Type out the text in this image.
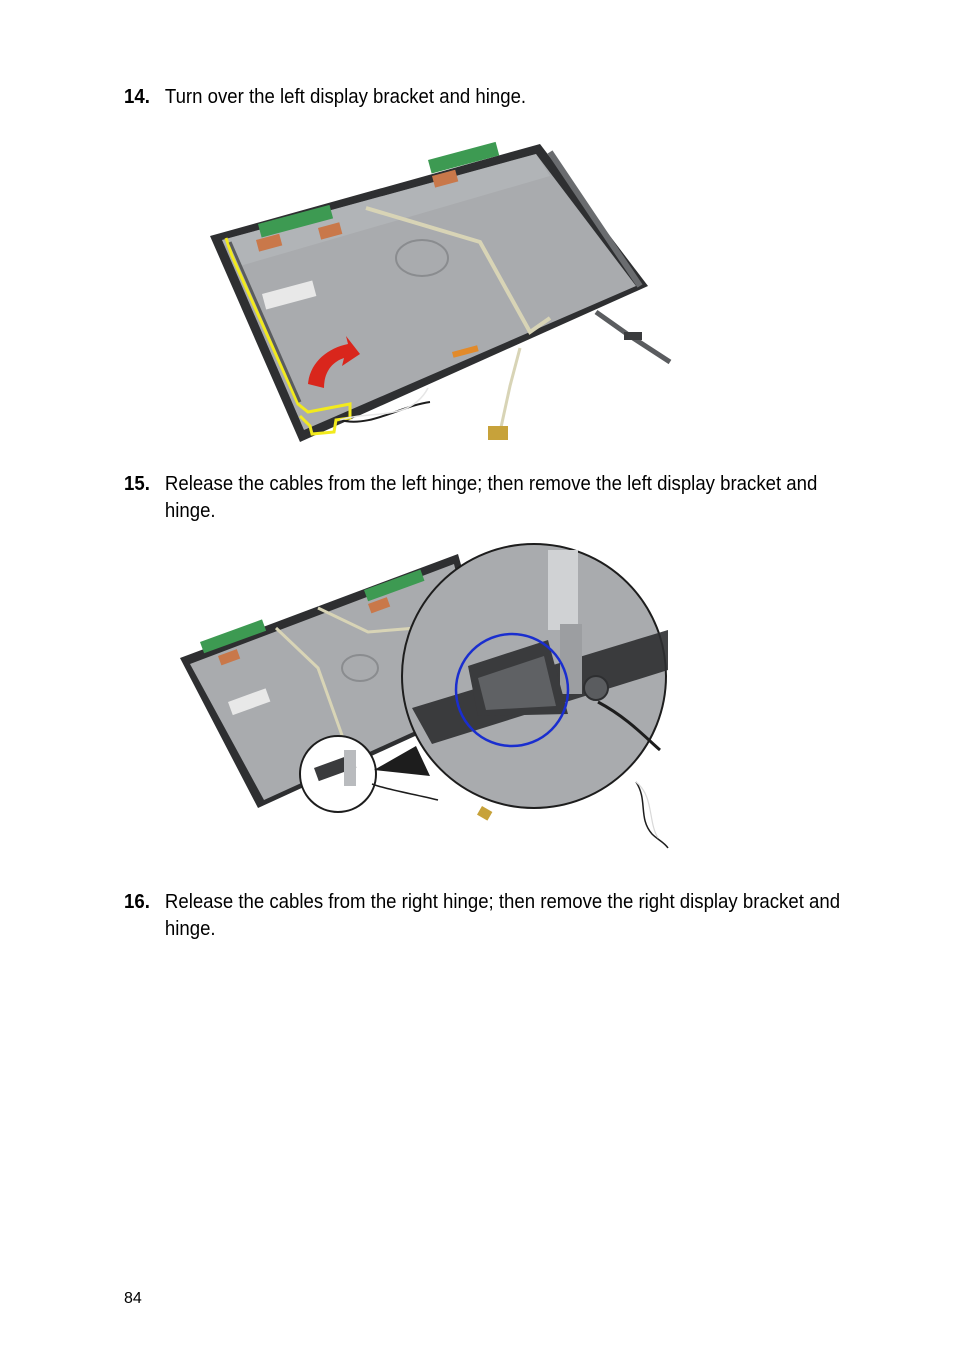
14. Turn over the left display bracket and hinge.
15. Release the cables from the left hinge; then remove the left display bracket and hinge.
16. Release the cables from the right hinge; then remove the right display bracket and hinge.
84
